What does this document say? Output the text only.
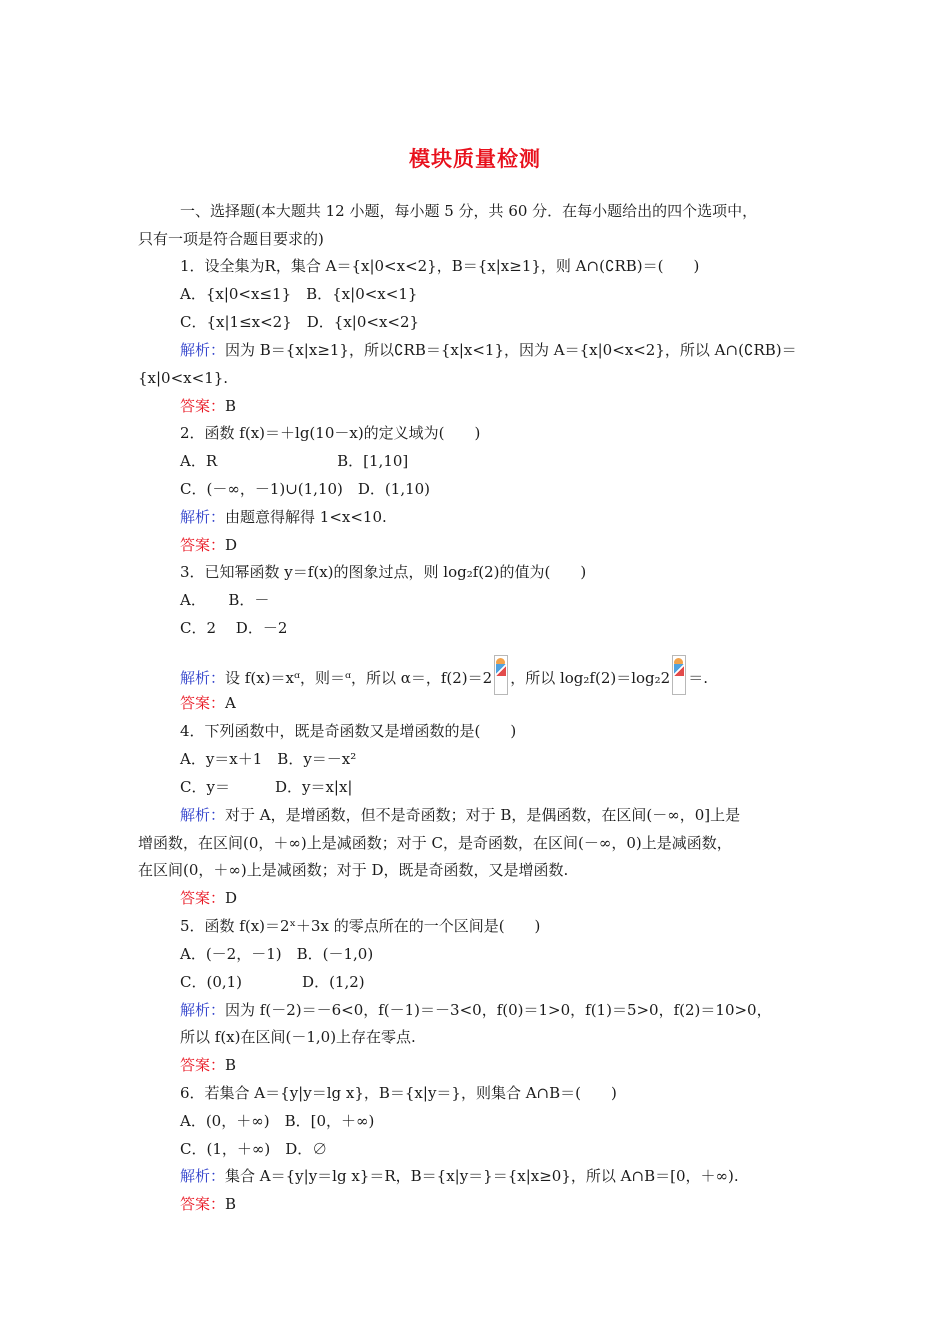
模块质量检测
一、选择题(本大题共 12 小题，每小题 5 分，共 60 分．在每小题给出的四个选项中，
只有一项是符合题目要求的)
1．设全集为R，集合 A＝{x|0<x<2}，B＝{x|x≥1}，则 A∩(∁RB)＝(　　)
A．{x|0<x≤1}　B．{x|0<x<1}
C．{x|1≤x<2}　D．{x|0<x<2}
解析：因为 B＝{x|x≥1}，所以∁RB＝{x|x<1}，因为 A＝{x|0<x<2}，所以 A∩(∁RB)＝
{x|0<x<1}.
答案：B
2．函数 f(x)＝＋lg(10－x)的定义域为(　　)
A．R　　　　　　　　B．[1,10]
C．(－∞，－1)∪(1,10)　D．(1,10)
解析：由题意得解得 1<x<10.
答案：D
3．已知幂函数 y＝f(x)的图象过点，则 log₂f(2)的值为(　　)
A．　　B．－
C．2　 D．－2
解析：设 f(x)＝xᵅ，则＝ᵅ，所以 α＝，f(2)＝2 ，所以 log₂f(2)＝log₂2 ＝.
答案：A
4．下列函数中，既是奇函数又是增函数的是(　　)
A．y＝x＋1　B．y＝－x²
C．y＝　　　D．y＝x|x|
解析：对于 A，是增函数，但不是奇函数；对于 B，是偶函数，在区间(－∞，0]上是
增函数，在区间(0，＋∞)上是减函数；对于 C，是奇函数，在区间(－∞，0)上是减函数，
在区间(0，＋∞)上是减函数；对于 D，既是奇函数，又是增函数.
答案：D
5．函数 f(x)＝2ˣ＋3x 的零点所在的一个区间是(　　)
A．(－2，－1)　B．(－1,0)
C．(0,1)　　　　D．(1,2)
解析：因为 f(－2)＝－6<0，f(－1)＝－3<0，f(0)＝1>0，f(1)＝5>0，f(2)＝10>0，
所以 f(x)在区间(－1,0)上存在零点.
答案：B
6．若集合 A＝{y|y＝lg x}，B＝{x|y＝}，则集合 A∩B＝(　　)
A．(0，＋∞)　B．[0，＋∞)
C．(1，＋∞)　D．∅
解析：集合 A＝{y|y＝lg x}＝R，B＝{x|y＝}＝{x|x≥0}，所以 A∩B＝[0，＋∞).
答案：B
